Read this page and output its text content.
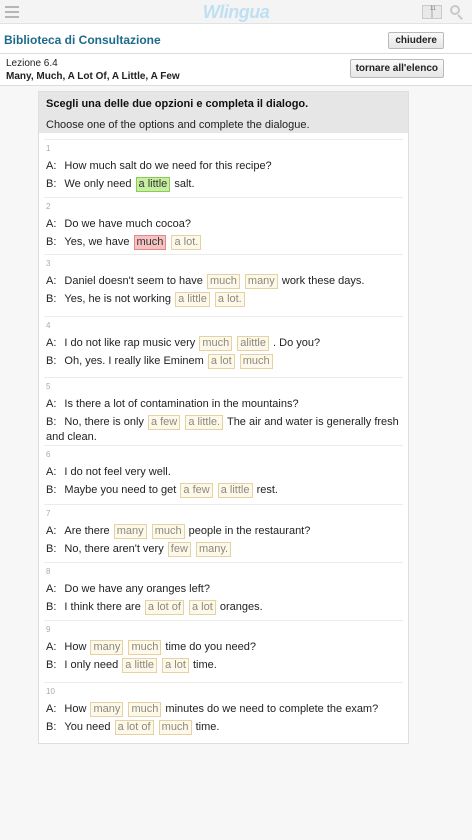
Wlingua	11
Biblioteca di Consultazione	chiudere
Lezione 6.4
Many, Much, A Lot Of, A Little, A Few
tornare all'elenco
Scegli una delle due opzioni e completa il dialogo.
Choose one of the options and complete the dialogue.
1
A: How much salt do we need for this recipe?
B: We only need a little salt.
2
A: Do we have much cocoa?
B: Yes, we have much a lot.
3
A: Daniel doesn't seem to have much many work these days.
B: Yes, he is not working a little a lot.
4
A: I do not like rap music very much alittle . Do you?
B: Oh, yes. I really like Eminem a lot much
5
A: Is there a lot of contamination in the mountains?
B: No, there is only a few a little. The air and water is generally fresh and clean.
6
A: I do not feel very well.
B: Maybe you need to get a few a little rest.
7
A: Are there many much people in the restaurant?
B: No, there aren't very few many.
8
A: Do we have any oranges left?
B: I think there are a lot of a lot oranges.
9
A: How many much time do you need?
B: I only need a little a lot time.
10
A: How many much minutes do we need to complete the exam?
B: You need a lot of much time.
